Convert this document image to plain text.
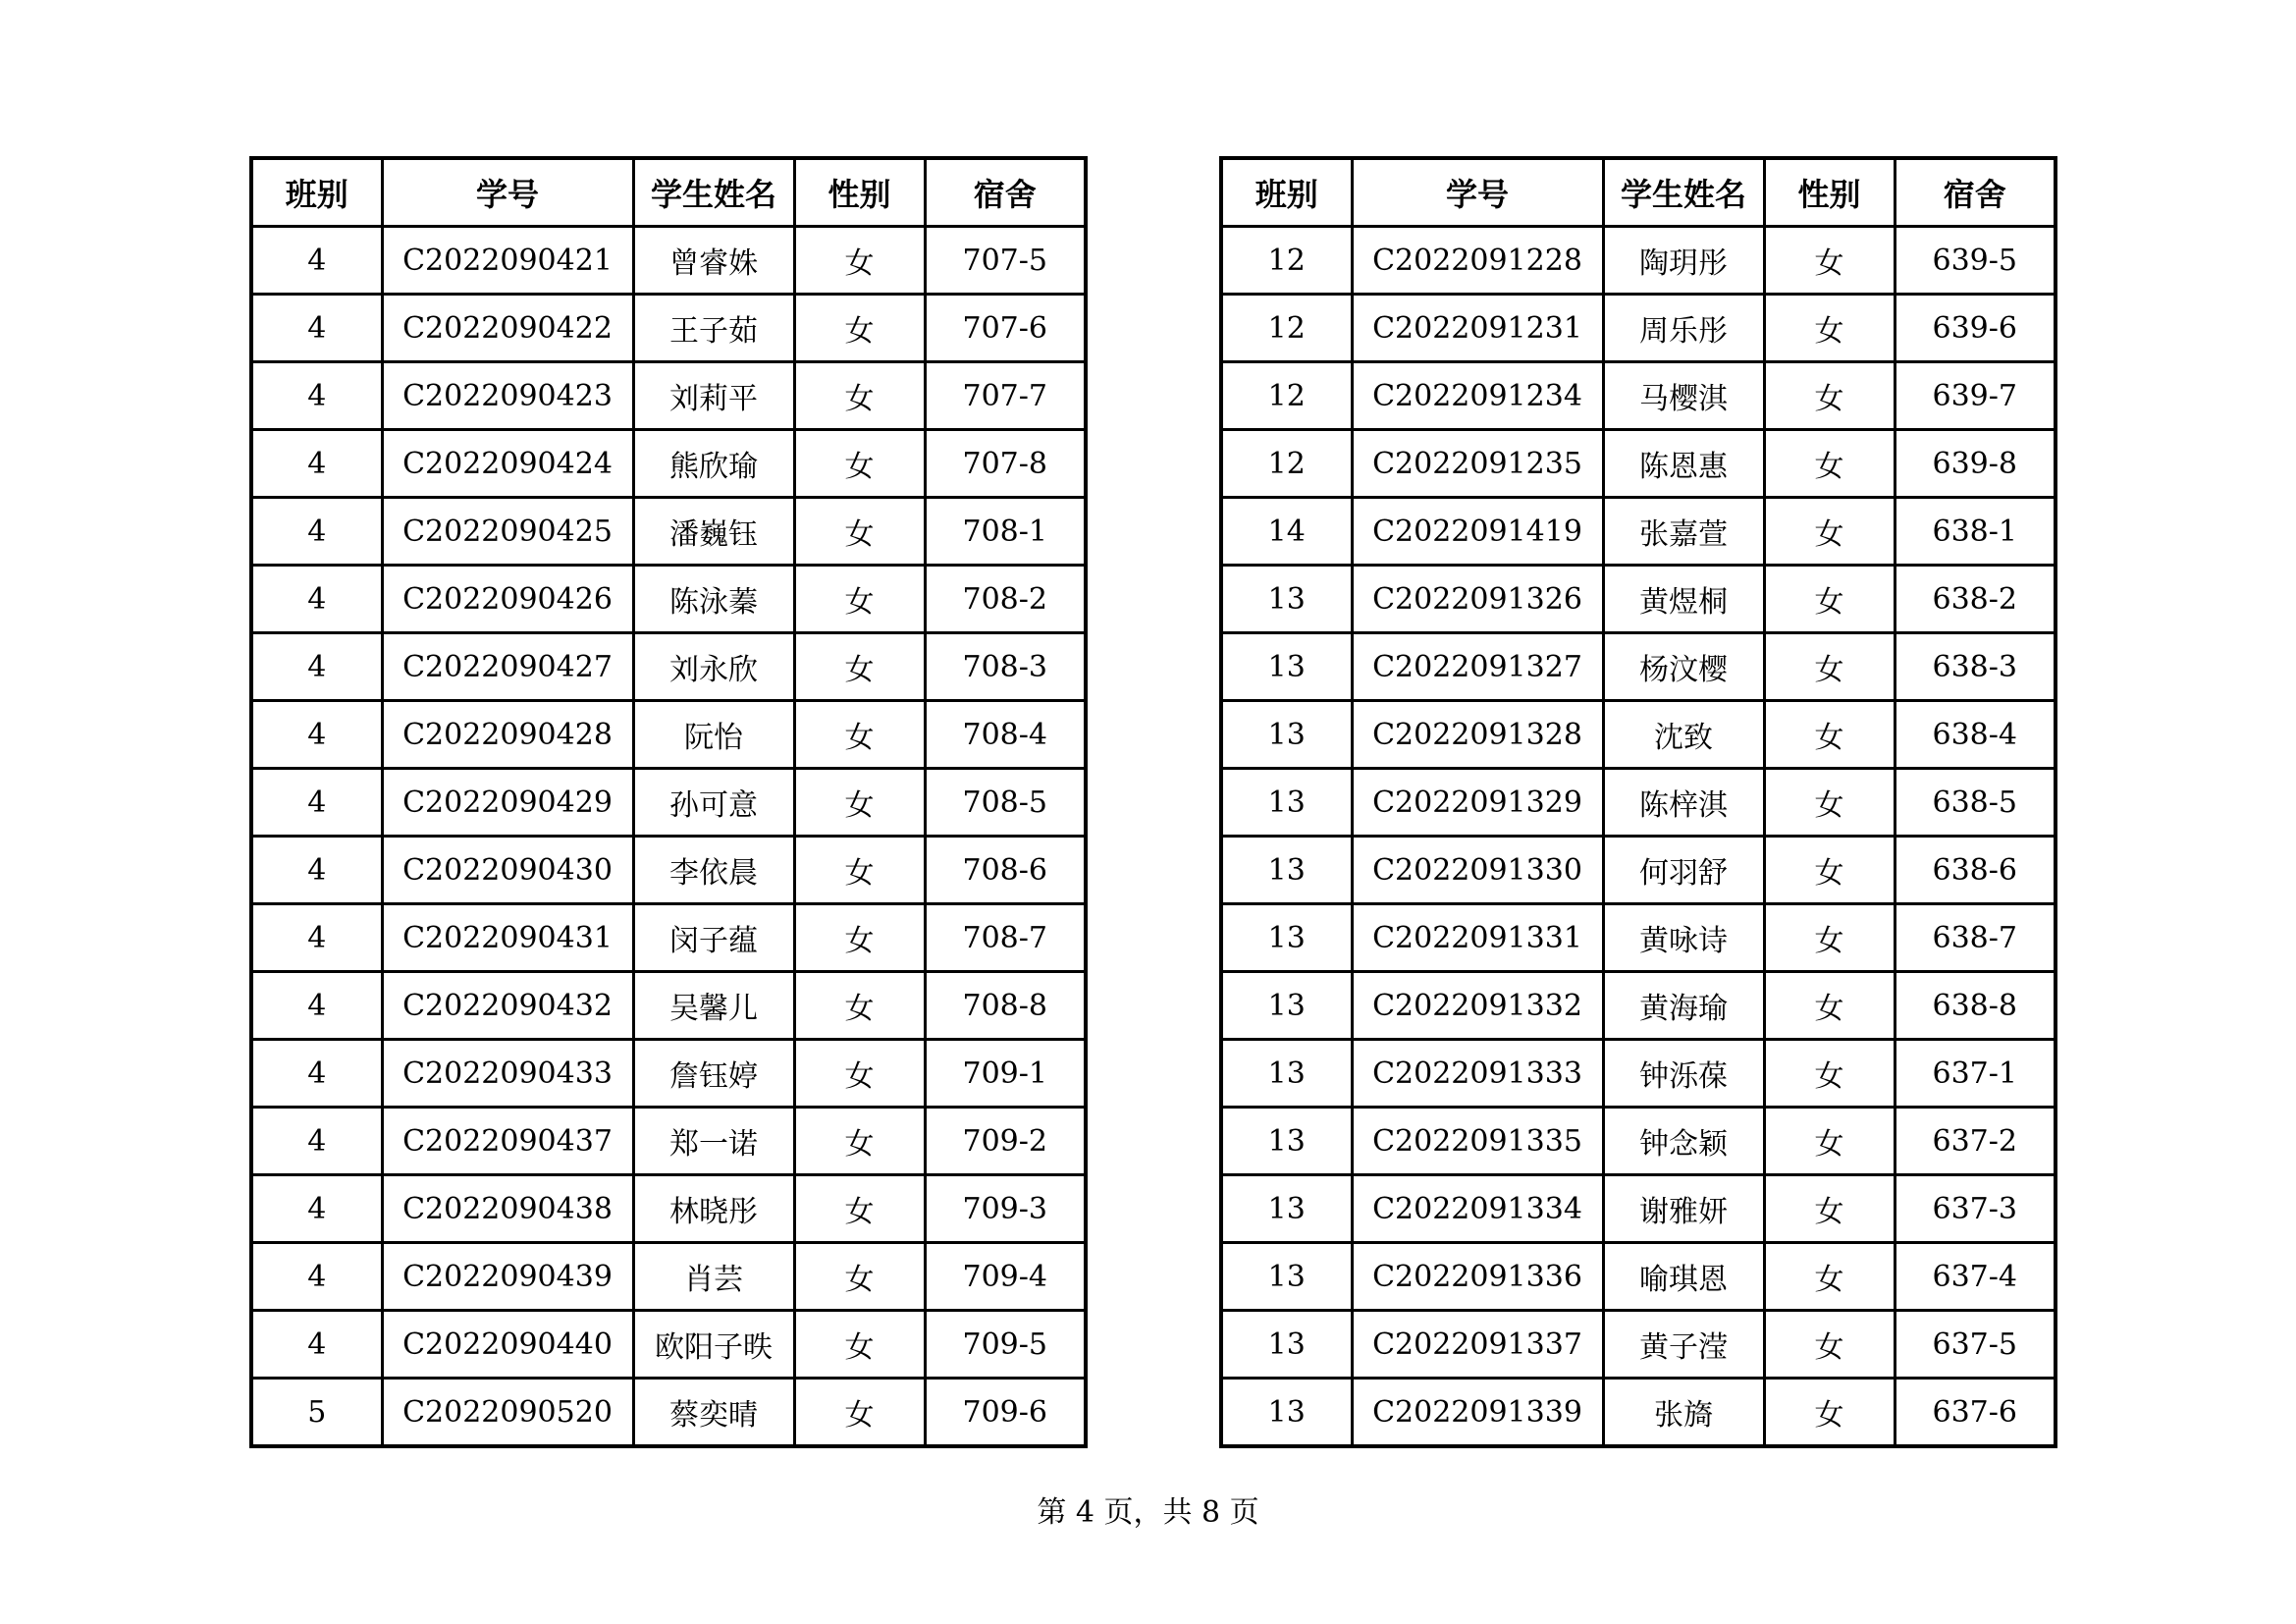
班别	学号	学生姓名	性别	宿舍
4	C2022090421	曾睿姝	女	707-5
4	C2022090422	王子茹	女	707-6
4	C2022090423	刘莉平	女	707-7
4	C2022090424	熊欣瑜	女	707-8
4	C2022090425	潘巍钰	女	708-1
4	C2022090426	陈泳蓁	女	708-2
4	C2022090427	刘永欣	女	708-3
4	C2022090428	阮怡	女	708-4
4	C2022090429	孙可意	女	708-5
4	C2022090430	李依晨	女	708-6
4	C2022090431	闵子蕴	女	708-7
4	C2022090432	吴馨儿	女	708-8
4	C2022090433	詹钰婷	女	709-1
4	C2022090437	郑一诺	女	709-2
4	C2022090438	林晓彤	女	709-3
4	C2022090439	肖芸	女	709-4
4	C2022090440	欧阳子昳	女	709-5
5	C2022090520	蔡奕晴	女	709-6
班别	学号	学生姓名	性别	宿舍
12	C2022091228	陶玥彤	女	639-5
12	C2022091231	周乐彤	女	639-6
12	C2022091234	马樱淇	女	639-7
12	C2022091235	陈恩惠	女	639-8
14	C2022091419	张嘉萱	女	638-1
13	C2022091326	黄煜桐	女	638-2
13	C2022091327	杨汶樱	女	638-3
13	C2022091328	沈致	女	638-4
13	C2022091329	陈梓淇	女	638-5
13	C2022091330	何羽舒	女	638-6
13	C2022091331	黄咏诗	女	638-7
13	C2022091332	黄海瑜	女	638-8
13	C2022091333	钟泺葆	女	637-1
13	C2022091335	钟念颖	女	637-2
13	C2022091334	谢雅妍	女	637-3
13	C2022091336	喻琪恩	女	637-4
13	C2022091337	黄子滢	女	637-5
13	C2022091339	张旖	女	637-6
第 4 页，共 8 页
